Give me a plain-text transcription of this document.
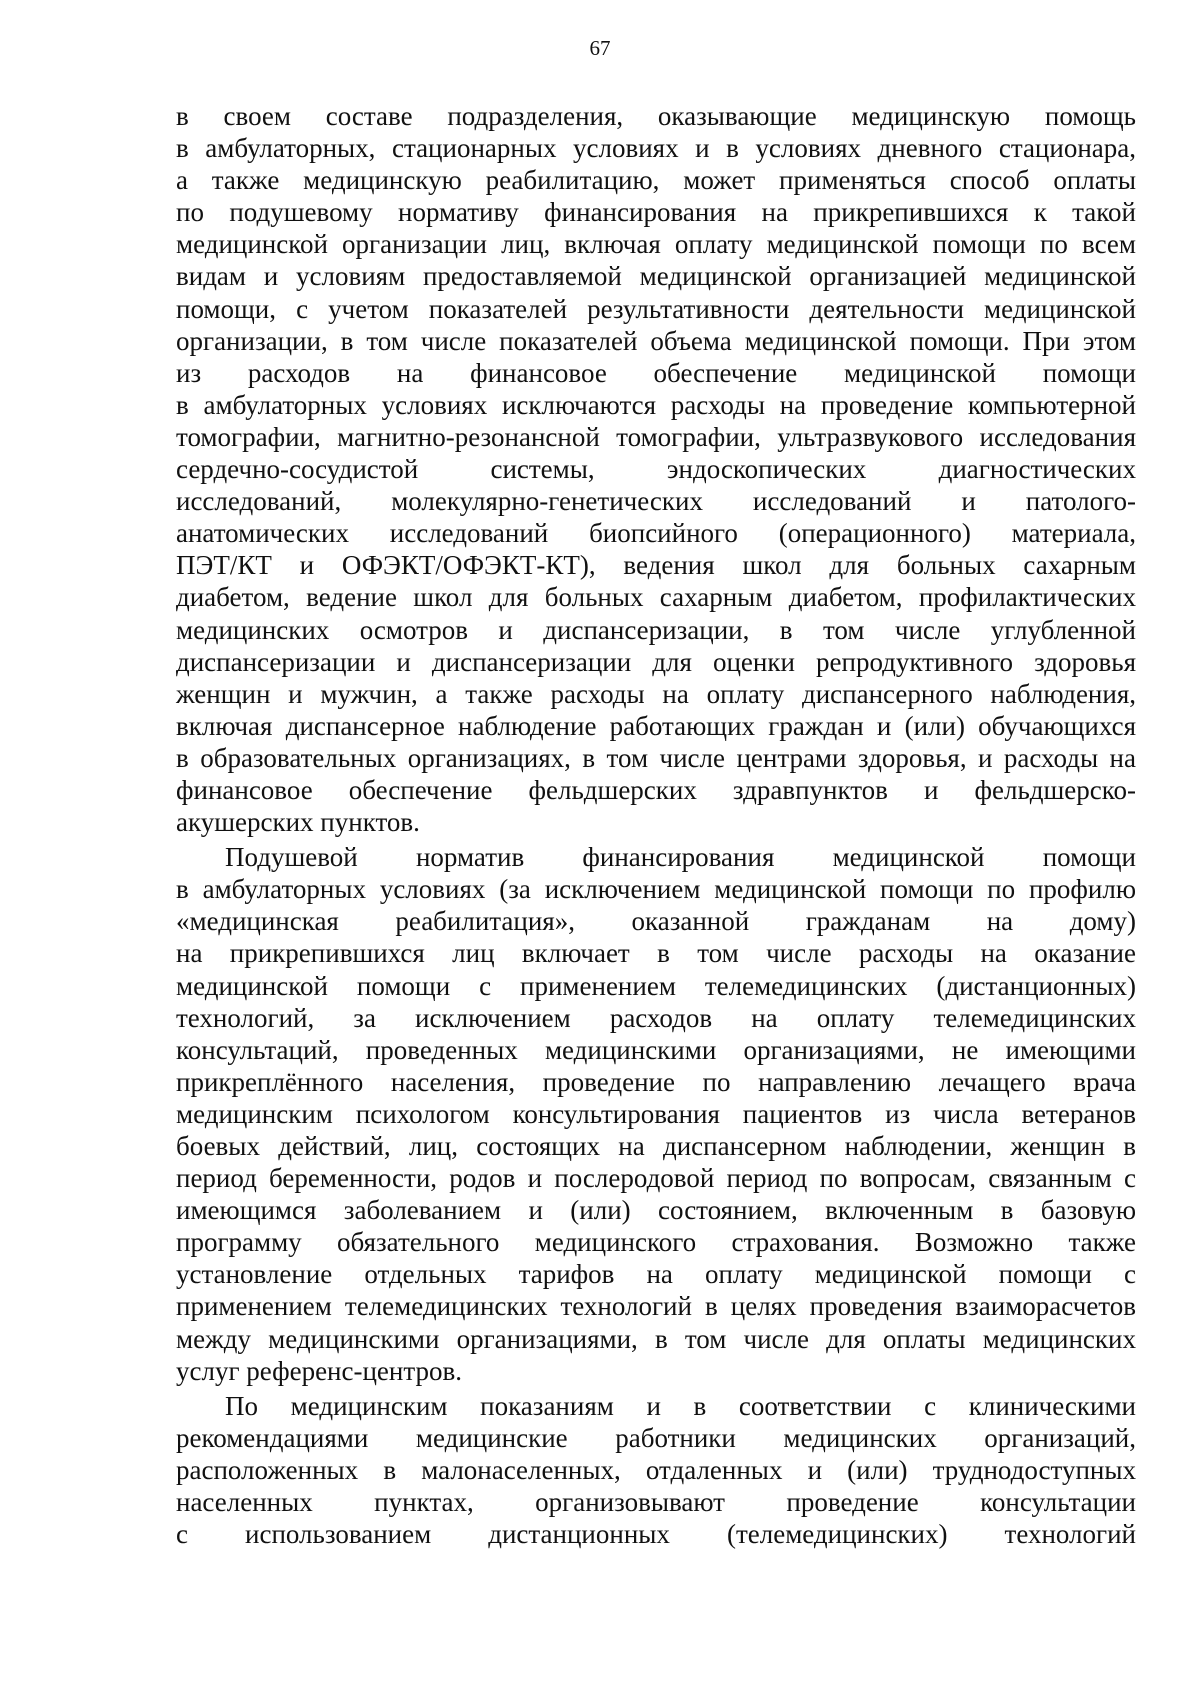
67

в своем составе подразделения, оказывающие медицинскую помощь
в амбулаторных, стационарных условиях и в условиях дневного стационара,
а также медицинскую реабилитацию, может применяться способ оплаты
по подушевому нормативу финансирования на прикрепившихся к такой
медицинской организации лиц, включая оплату медицинской помощи по всем
видам и условиям предоставляемой медицинской организацией медицинской
помощи, с учетом показателей результативности деятельности медицинской
организации, в том числе показателей объема медицинской помощи. При этом
из расходов на финансовое обеспечение медицинской помощи
в амбулаторных условиях исключаются расходы на проведение компьютерной
томографии, магнитно-резонансной томографии, ультразвукового исследования
сердечно-сосудистой системы, эндоскопических диагностических
исследований, молекулярно-генетических исследований и патолого-
анатомических исследований биопсийного (операционного) материала,
ПЭТ/КТ и ОФЭКТ/ОФЭКТ-КТ), ведения школ для больных сахарным
диабетом, ведение школ для больных сахарным диабетом, профилактических
медицинских осмотров и диспансеризации, в том числе углубленной
диспансеризации и диспансеризации для оценки репродуктивного здоровья
женщин и мужчин, а также расходы на оплату диспансерного наблюдения,
включая диспансерное наблюдение работающих граждан и (или) обучающихся
в образовательных организациях, в том числе центрами здоровья, и расходы на
финансовое обеспечение фельдшерских здравпунктов и фельдшерско-
акушерских пунктов.

Подушевой норматив финансирования медицинской помощи
в амбулаторных условиях (за исключением медицинской помощи по профилю
«медицинская реабилитация», оказанной гражданам на дому)
на прикрепившихся лиц включает в том числе расходы на оказание
медицинской помощи с применением телемедицинских (дистанционных)
технологий, за исключением расходов на оплату телемедицинских
консультаций, проведенных медицинскими организациями, не имеющими
прикреплённого населения, проведение по направлению лечащего врача
медицинским психологом консультирования пациентов из числа ветеранов
боевых действий, лиц, состоящих на диспансерном наблюдении, женщин в
период беременности, родов и послеродовой период по вопросам, связанным с
имеющимся заболеванием и (или) состоянием, включенным в базовую
программу обязательного медицинского страхования. Возможно также
установление отдельных тарифов на оплату медицинской помощи с
применением телемедицинских технологий в целях проведения взаиморасчетов
между медицинскими организациями, в том числе для оплаты медицинских
услуг референс-центров.

По медицинским показаниям и в соответствии с клиническими
рекомендациями медицинские работники медицинских организаций,
расположенных в малонаселенных, отдаленных и (или) труднодоступных
населенных пунктах, организовывают проведение консультации
с использованием дистанционных (телемедицинских) технологий
